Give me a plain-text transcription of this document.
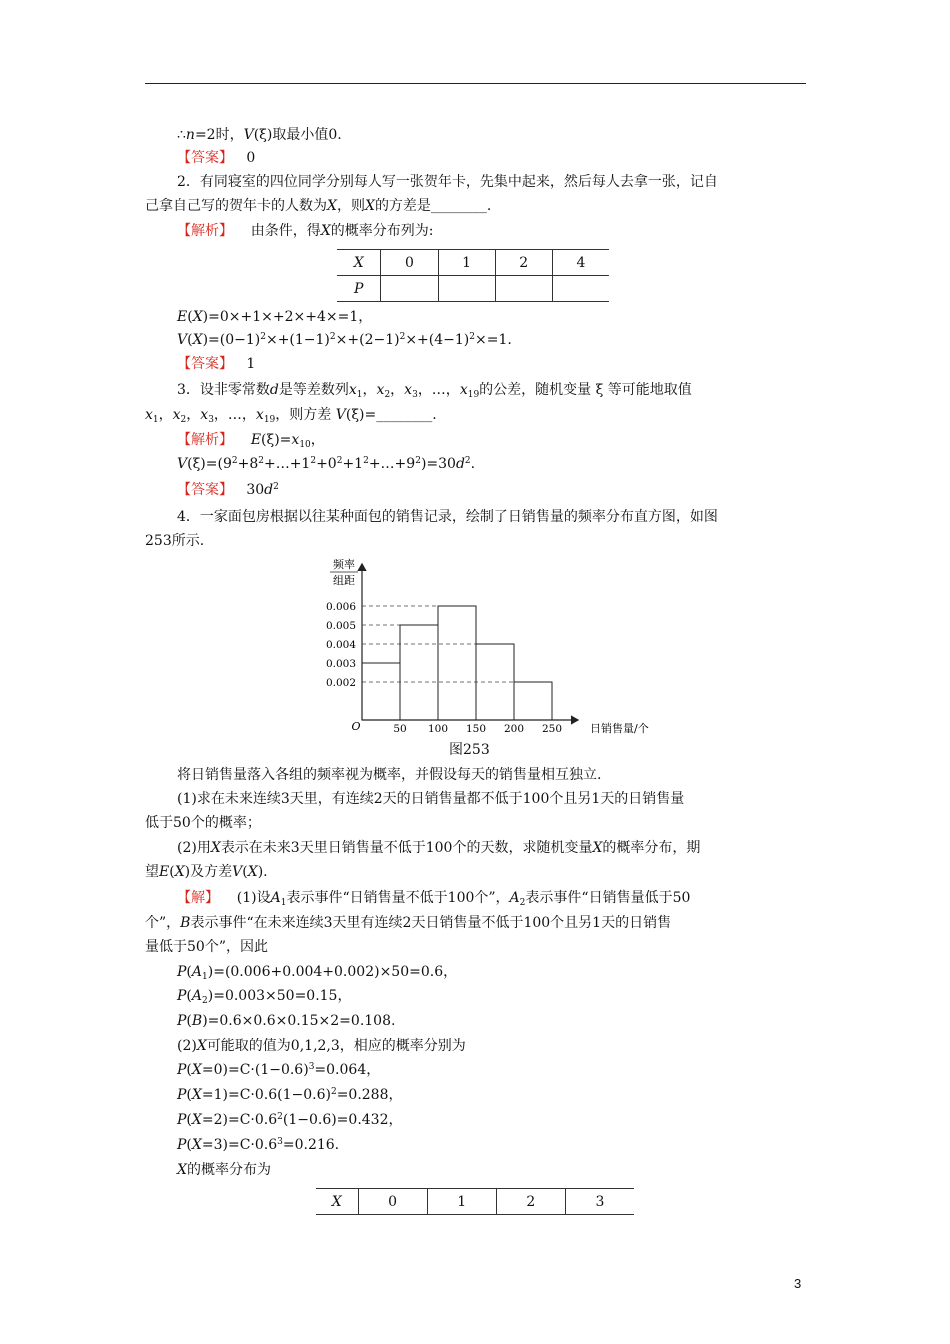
∴n=2时，V(ξ)取最小值0.
【答案】 0
2．有同寝室的四位同学分别每人写一张贺年卡，先集中起来，然后每人去拿一张，记自
己拿自己写的贺年卡的人数为X，则X的方差是________.
【解析】    由条件，得X的概率分布列为:
X	0	1	2	4
P				
E(X)=0×+1×+2×+4×=1，
$V(X)=(0-1)^2\times+(1-1)^2\times+(2-1)^2\times+(4-1)^2\times=1$.
【答案】 1
3．设非零常数d是等差数列$x_1$，$x_2$，$x_3$，…，$x_{19}$的公差，随机变量 ξ 等可能地取值
$x_1$，$x_2$，$x_3$，…，$x_{19}$，则方差 V(ξ)=________.
【解析】 $E(\xi)=x_{10}$，
$V(\xi)=(9^2+8^2+\dots+1^2+0^2+1^2+\dots+9^2)=30d^2$.
【答案】   $30d^2$
4．一家面包房根据以往某种面包的销售记录，绘制了日销售量的频率分布直方图，如图
253所示.
0.006
0.005
0.004
0.003
0.002
50 100 150 200 250
频率
组距
O	日销售量/个
图253
将日销售量落入各组的频率视为概率，并假设每天的销售量相互独立.
(1)求在未来连续3天里，有连续2天的日销售量都不低于100个且另1天的日销售量
低于50个的概率；
(2)用X表示在未来3天里日销售量不低于100个的天数，求随机变量X的概率分布，期
望E(X)及方差V(X).
【解】    (1)设$A_1$表示事件“日销售量不低于100个”，$A_2$表示事件“日销售量低于50
个”，B表示事件“在未来连续3天里有连续2天日销售量不低于100个且另1天的日销售
量低于50个”，因此
$P(A_1)=(0.006+0.004+0.002)\times 50=0.6$，
$P(A_2)=0.003\times 50=0.15$，
P(B)=0.6×0.6×0.15×2=0.108.
(2)X可能取的值为0,1,2,3，相应的概率分别为
$P(X=0)=C\cdot(1-0.6)^3=0.064$，
$P(X=1)=C\cdot 0.6(1-0.6)^2=0.288$，
$P(X=2)=C\cdot 0.6^2(1-0.6)=0.432$，
$P(X=3)=C\cdot 0.6^3=0.216$.
X的概率分布为
X	0	1	2	3
3
